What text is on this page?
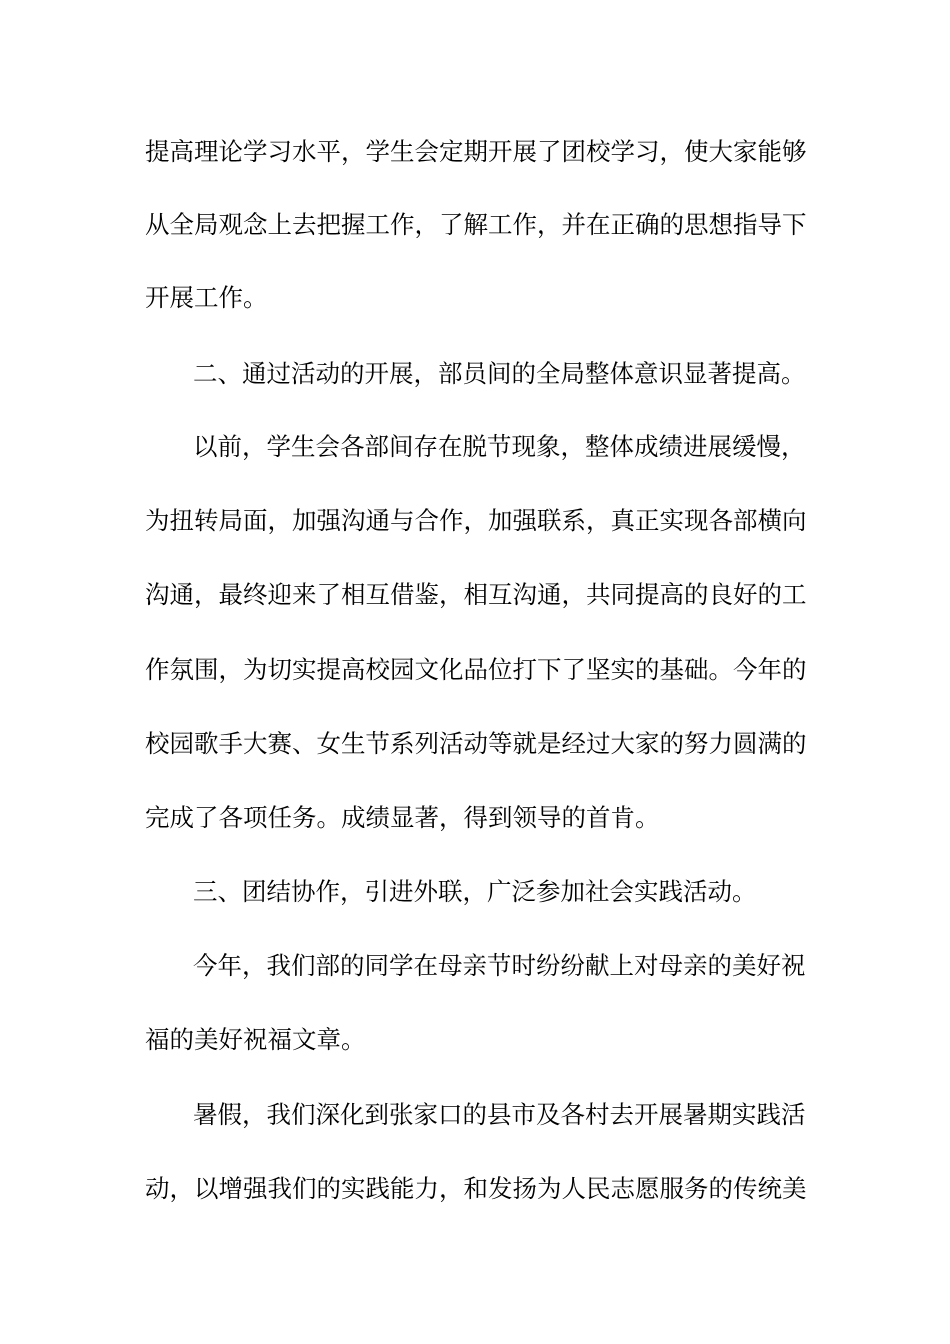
提高理论学习水平，学生会定期开展了团校学习，使大家能够
从全局观念上去把握工作，了解工作，并在正确的思想指导下
开展工作。
二、通过活动的开展，部员间的全局整体意识显著提高。
以前，学生会各部间存在脱节现象，整体成绩进展缓慢，
为扭转局面，加强沟通与合作，加强联系，真正实现各部横向
沟通，最终迎来了相互借鉴，相互沟通，共同提高的良好的工
作氛围，为切实提高校园文化品位打下了坚实的基础。今年的
校园歌手大赛、女生节系列活动等就是经过大家的努力圆满的
完成了各项任务。成绩显著，得到领导的首肯。
三、团结协作，引进外联，广泛参加社会实践活动。
今年，我们部的同学在母亲节时纷纷献上对母亲的美好祝
福的美好祝福文章。
暑假，我们深化到张家口的县市及各村去开展暑期实践活
动，以增强我们的实践能力，和发扬为人民志愿服务的传统美
